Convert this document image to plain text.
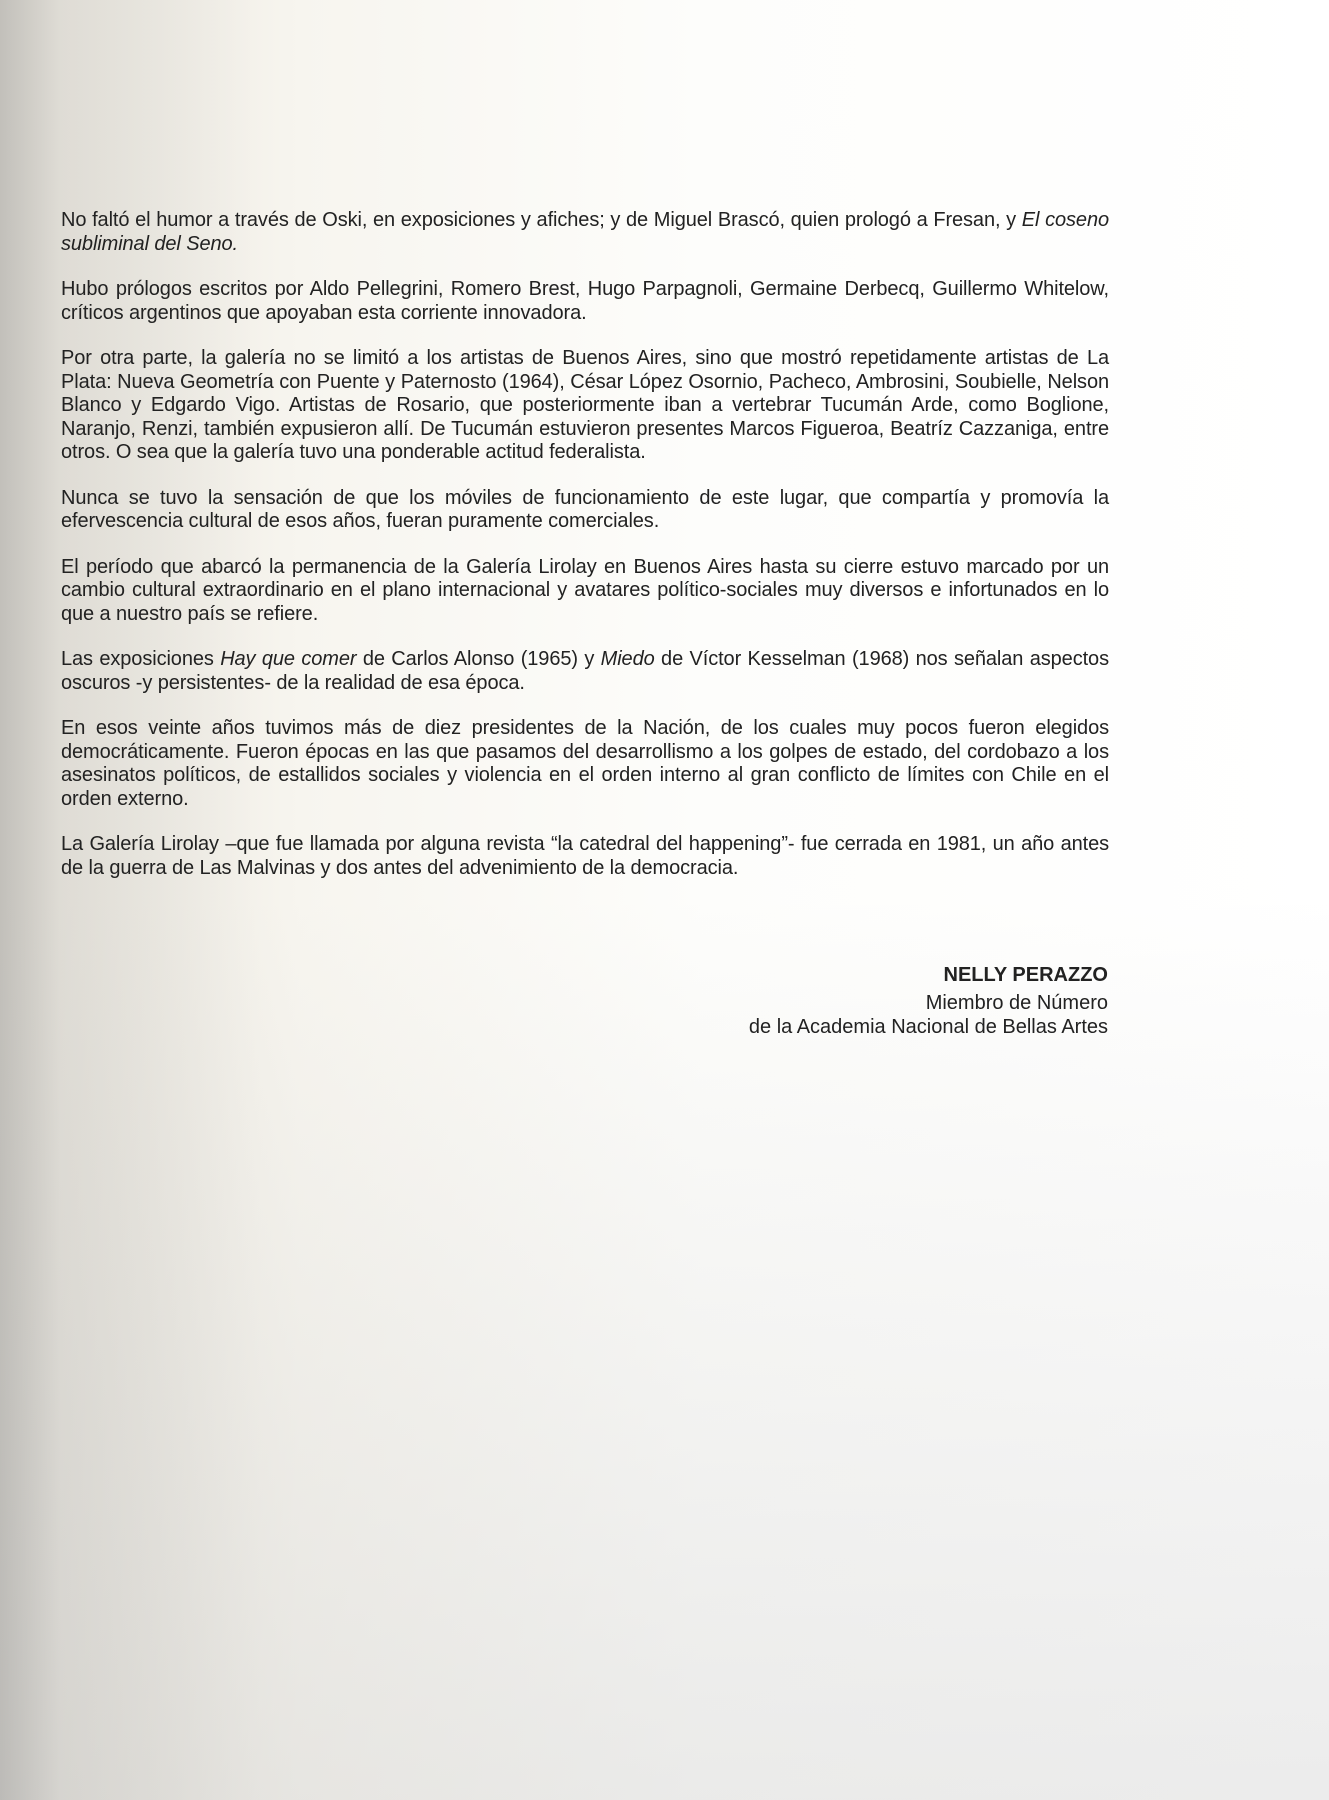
No faltó el humor a través de Oski, en exposiciones y afiches; y de Miguel Brascó, quien prologó a Fresan, y El coseno subliminal del Seno.

Hubo prólogos escritos por Aldo Pellegrini, Romero Brest, Hugo Parpagnoli, Germaine Derbecq, Guillermo Whitelow, críticos argentinos que apoyaban esta corriente innovadora.

Por otra parte, la galería no se limitó a los artistas de Buenos Aires, sino que mostró repetidamente artistas de La Plata: Nueva Geometría con Puente y Paternosto (1964), César López Osornio, Pacheco, Ambrosini, Soubielle, Nelson Blanco y Edgardo Vigo. Artistas de Rosario, que posteriormente iban a vertebrar Tucumán Arde, como Boglione, Naranjo, Renzi, también expusieron allí. De Tucumán estuvieron presentes Marcos Figueroa, Beatríz Cazzaniga, entre otros. O sea que la galería tuvo una ponderable actitud federalista.

Nunca se tuvo la sensación de que los móviles de funcionamiento de este lugar, que compartía y promovía la efervescencia cultural de esos años, fueran puramente comerciales.

El período que abarcó la permanencia de la Galería Lirolay en Buenos Aires hasta su cierre estuvo marcado por un cambio cultural extraordinario en el plano internacional y avatares político-sociales muy diversos e infortunados en lo que a nuestro país se refiere.

Las exposiciones Hay que comer de Carlos Alonso (1965) y Miedo de Víctor Kesselman (1968) nos señalan aspectos oscuros -y persistentes- de la realidad de esa época.

En esos veinte años tuvimos más de diez presidentes de la Nación, de los cuales muy pocos fueron elegidos democráticamente. Fueron épocas en las que pasamos del desarrollismo a los golpes de estado, del cordobazo a los asesinatos políticos, de estallidos sociales y violencia en el orden interno al gran conflicto de límites con Chile en el orden externo.

La Galería Lirolay –que fue llamada por alguna revista “la catedral del happening”- fue cerrada en 1981, un año antes de la guerra de Las Malvinas y dos antes del advenimiento de la democracia.

NELLY PERAZZO
Miembro de Número
de la Academia Nacional de Bellas Artes
